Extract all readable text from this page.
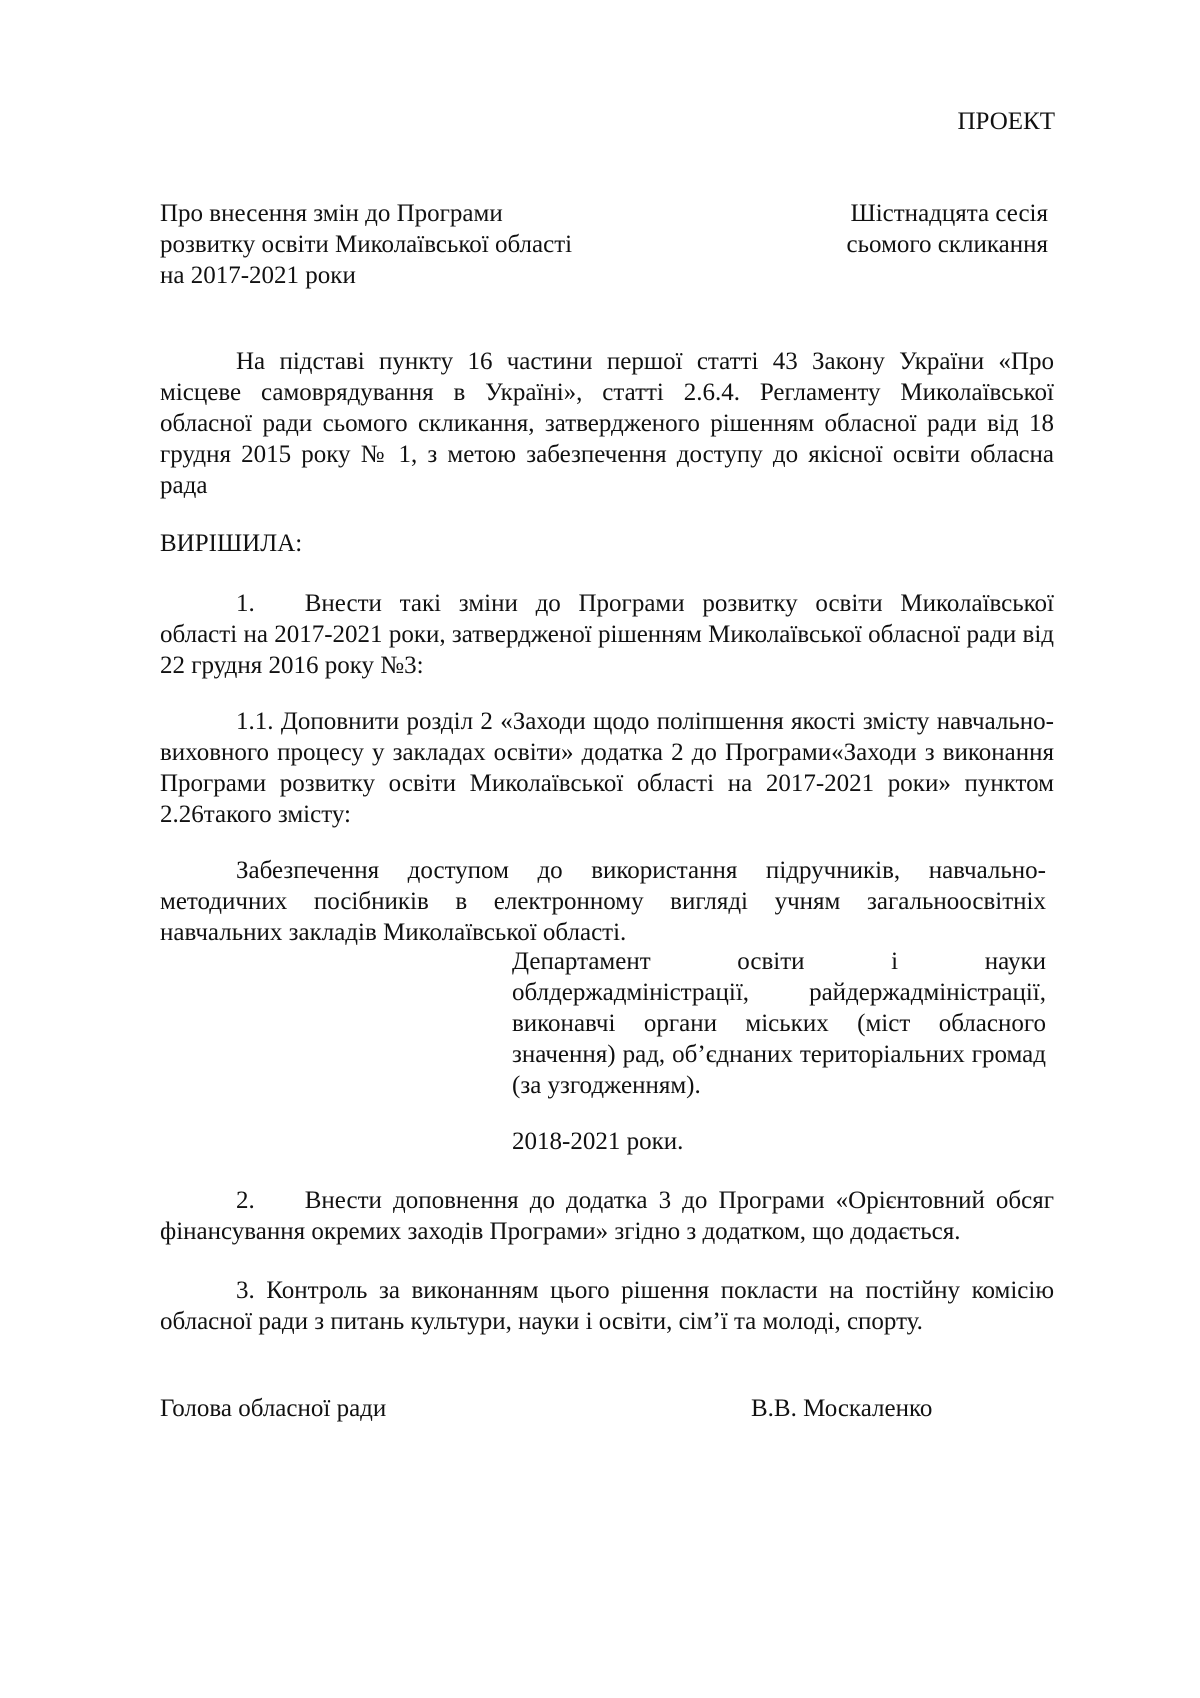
ПРОЕКТ

Про внесення змін до Програми

розвитку освіти Миколаївської області

на 2017-2021 роки

Шістнадцята сесія

сьомого скликання

На підставі пункту 16 частини першої статті 43 Закону України «Про місцеве самоврядування в Україні», статті 2.6.4. Регламенту Миколаївської обласної ради сьомого скликання, затвердженого рішенням обласної ради від 18 грудня 2015 року № 1, з метою забезпечення доступу до якісної освіти обласна рада

ВИРІШИЛА:

1.  Внести такі зміни до Програми розвитку освіти Миколаївської області на 2017-2021 роки, затвердженої рішенням Миколаївської обласної ради від 22 грудня 2016 року №3:

1.1. Доповнити розділ 2 «Заходи щодо поліпшення якості змісту навчально-виховного процесу у закладах освіти» додатка 2 до Програми«Заходи з виконання Програми розвитку освіти Миколаївської області на 2017-2021 роки» пунктом 2.26такого змісту:

Забезпечення доступом до використання підручників, навчально-методичних посібників в електронному вигляді учням загальноосвітніх навчальних закладів Миколаївської області.

Департамент освіти і науки облдержадміністрації, райдержадміністрації, виконавчі органи міських (міст обласного значення) рад, об’єднаних територіальних громад (за узгодженням).

2018-2021 роки.

2.  Внести доповнення до додатка 3 до Програми «Орієнтовний обсяг фінансування окремих заходів Програми» згідно з додатком, що додається.

3. Контроль за виконанням цього рішення покласти на постійну комісію обласної ради з питань культури, науки і освіти, сім’ї та молоді, спорту.

Голова обласної ради	В.В. Москаленко
